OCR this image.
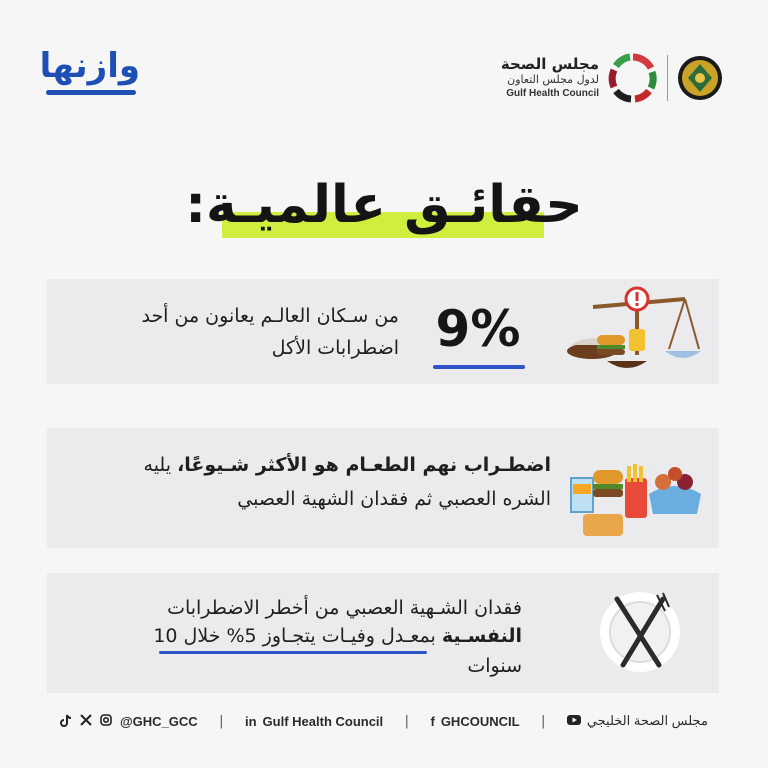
وازنها	مجلس الصحة
لدول مجلس التعاون
Gulf Health Council
حقائـق عالميـة:
9%
من سـكان العالـم يعانون من أحد
اضطرابات الأكل
اضطـراب نهم الطعـام هو الأكثر شـيوعًا، يليه
الشره العصبي ثم فقدان الشهية العصبي
فقدان الشـهية العصبي من أخطر الاضطرابات
النفسـية بمعـدل وفيـات يتجـاوز 5% خلال 10
سنوات
@GHC_GCC | in Gulf Health Council | f GHCOUNCIL |	مجلس الصحة الخليجي
